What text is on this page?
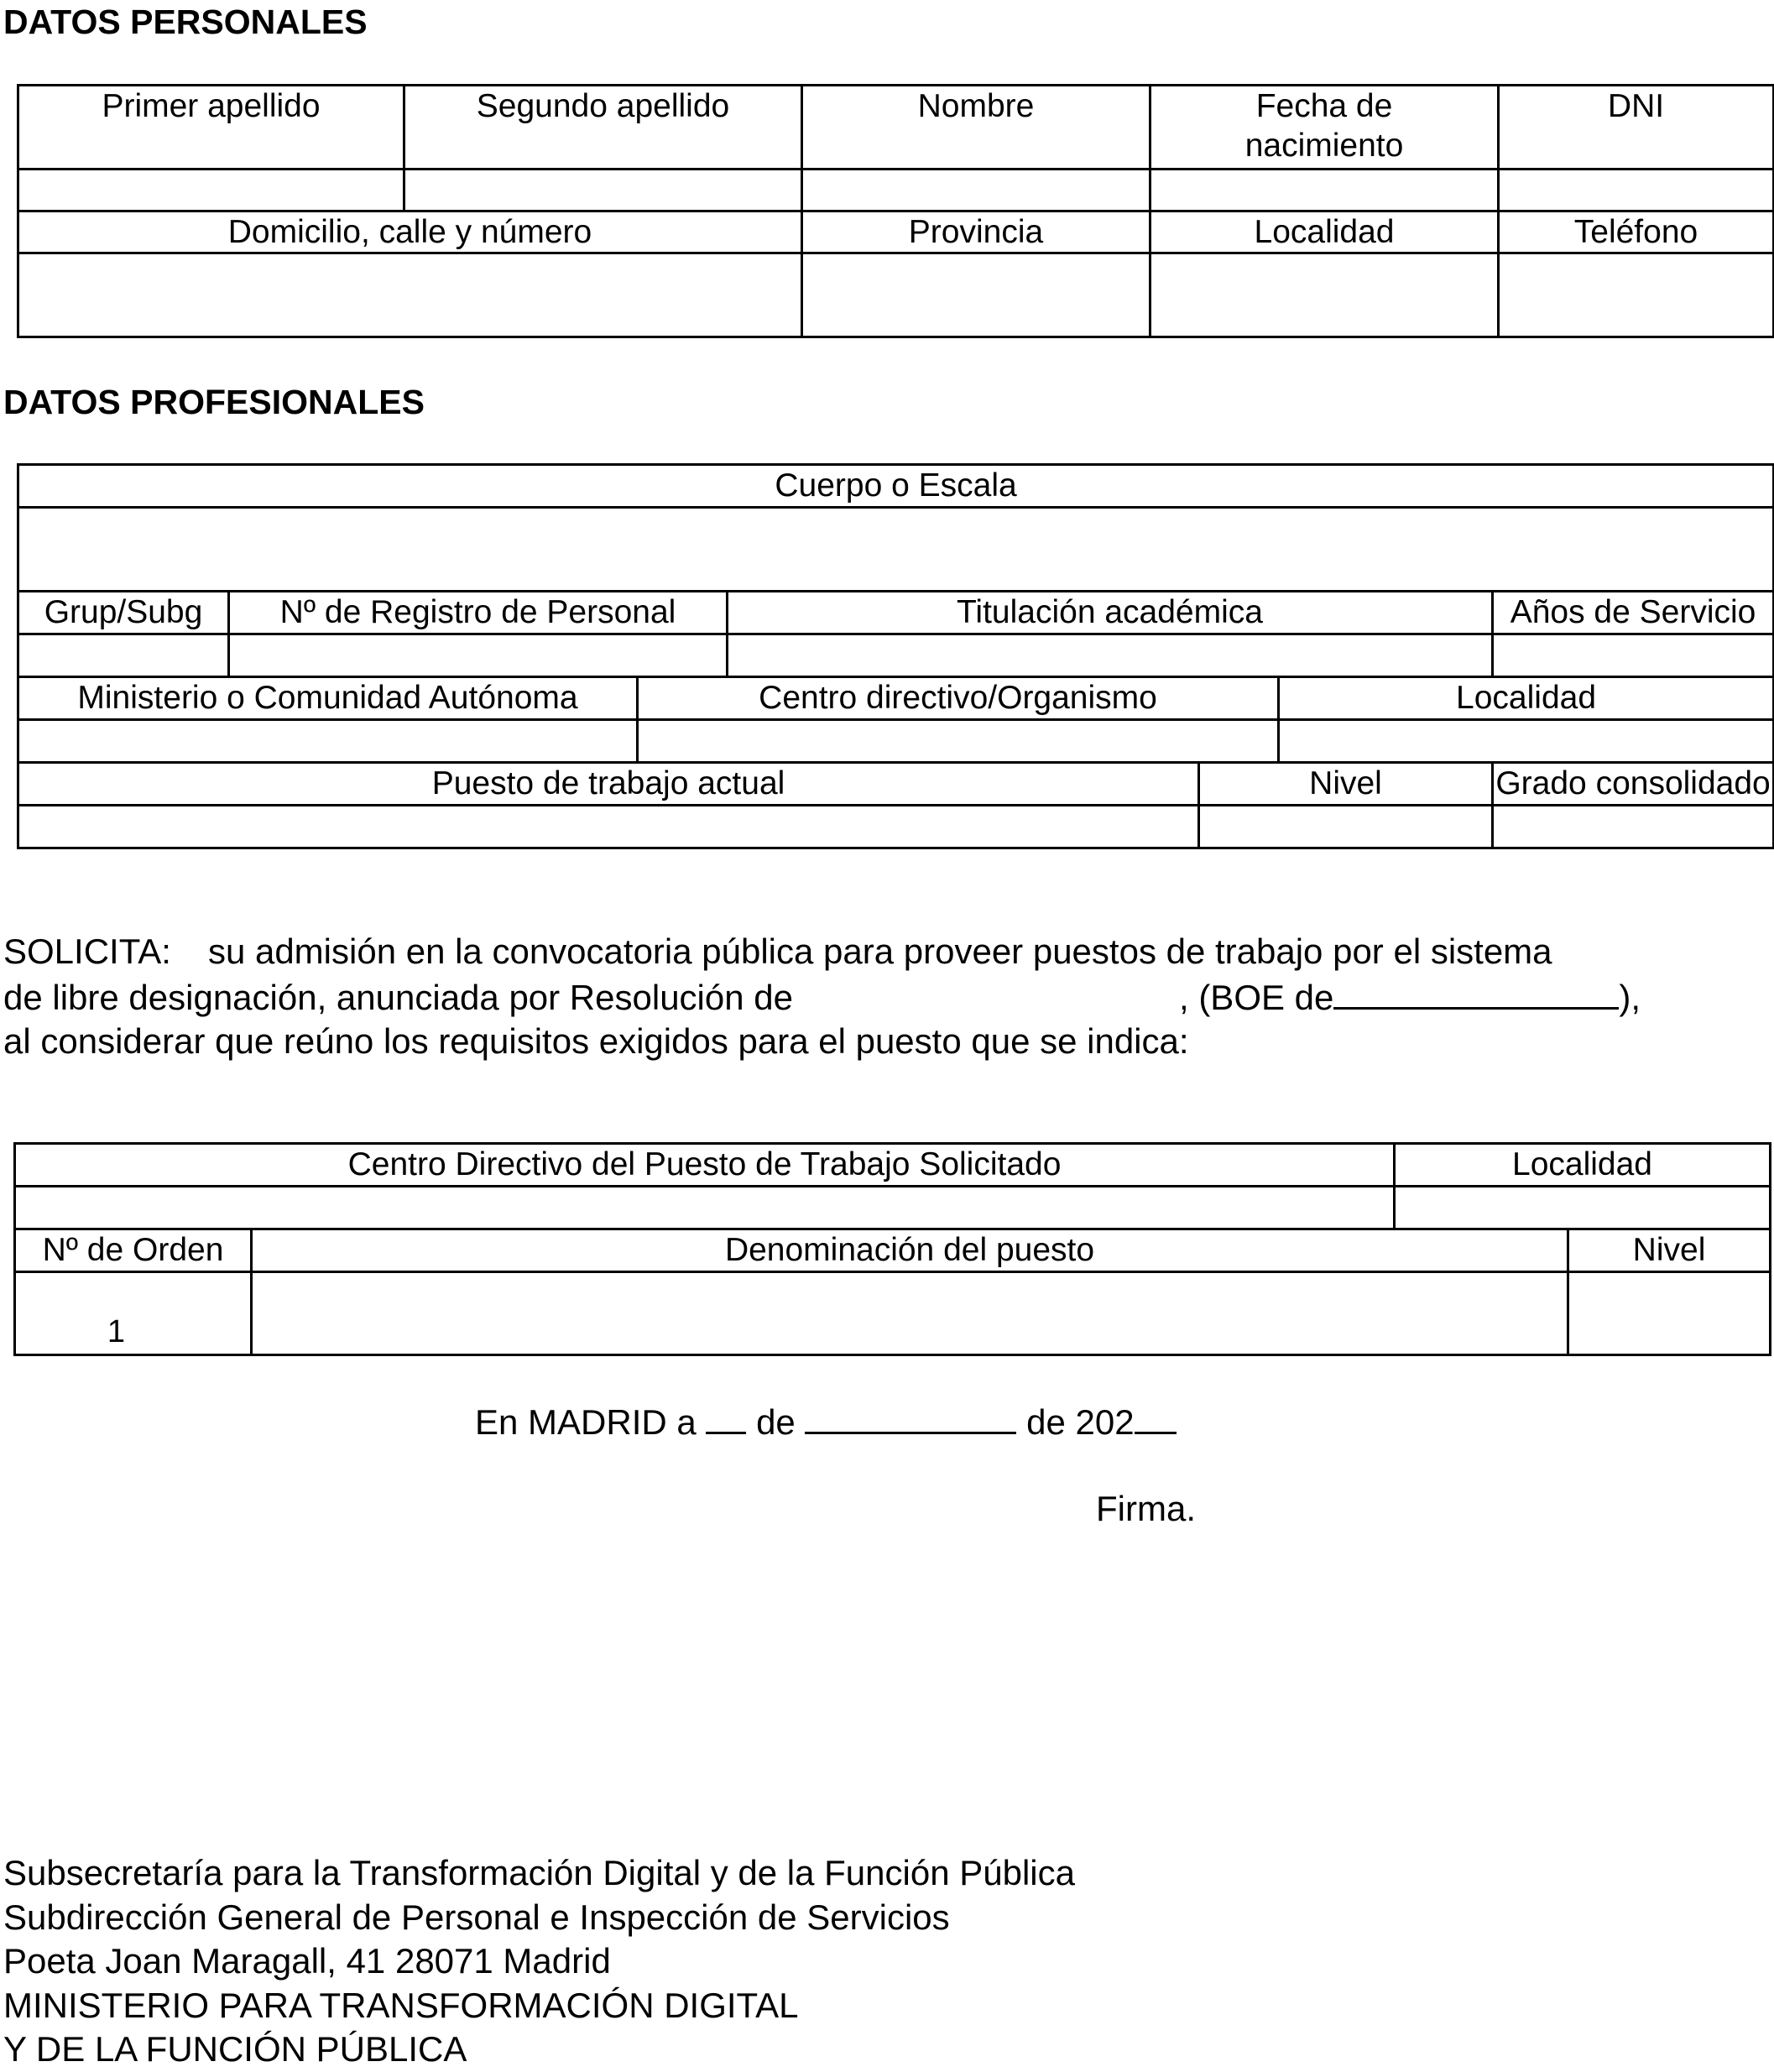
DATOS PERSONALES
Primer apellido	Segundo apellido	Nombre	Fecha de nacimiento	DNI

Domicilio, calle y número		Provincia	Localidad	Teléfono

DATOS PROFESIONALES
Cuerpo o Escala						

Grup/Subg	Nº de Registro de Personal		Titulación académica			Años de Servicio

Ministerio o Comunidad Autónoma		Centro directivo/Organismo			Localidad	

Puesto de trabajo actual				Nivel		Grado consolidado

SOLICITA: su admisión en la convocatoria pública para proveer puestos de trabajo por el sistema
de libre designación, anunciada por Resolución de	, (BOE de	),
al considerar que reúno los requisitos exigidos para el puesto que se indica:
Centro Directivo del Puesto de Trabajo Solicitado		Localidad	

Nº de Orden	Denominación del puesto		Nivel
1			
En MADRID a de	de 202
Firma.
Subsecretaría para la Transformación Digital y de la Función Pública
Subdirección General de Personal e Inspección de Servicios
Poeta Joan Maragall, 41 28071 Madrid
MINISTERIO PARA TRANSFORMACIÓN DIGITAL
Y DE LA FUNCIÓN PÚBLICA
